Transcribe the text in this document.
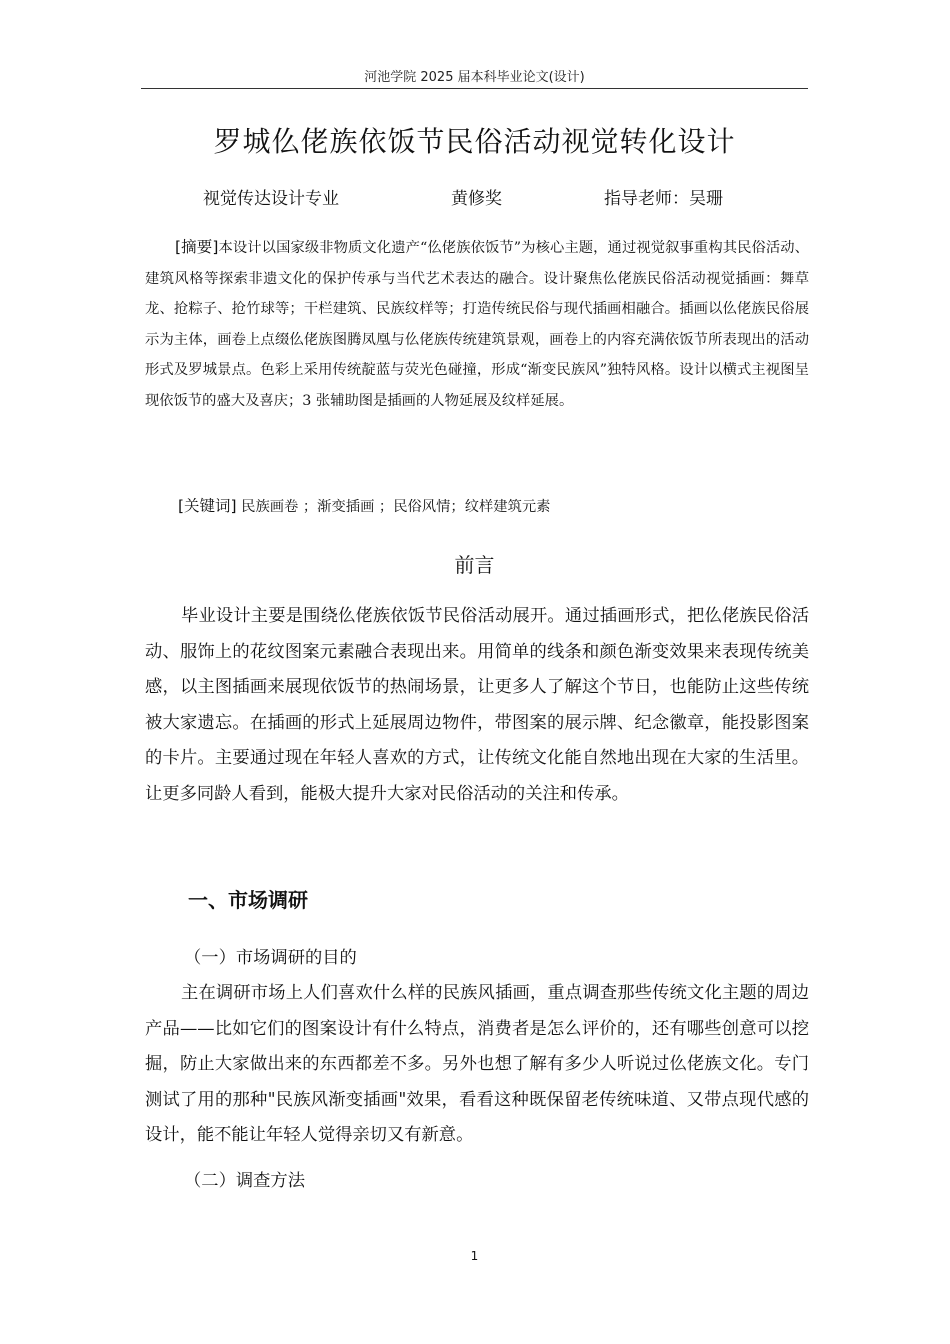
河池学院 2025 届本科毕业论文(设计)
罗城仫佬族依饭节民俗活动视觉转化设计
视觉传达设计专业	黄修奖	指导老师：吴珊

[摘要]本设计以国家级非物质文化遗产“仫佬族依饭节”为核心主题，通过视觉叙事重构其民俗活动、建筑风格等探索非遗文化的保护传承与当代艺术表达的融合。设计聚焦仫佬族民俗活动视觉插画：舞草龙、抢粽子、抢竹球等；干栏建筑、民族纹样等；打造传统民俗与现代插画相融合。插画以仫佬族民俗展示为主体，画卷上点缀仫佬族图腾凤凰与仫佬族传统建筑景观，画卷上的内容充满依饭节所表现出的活动形式及罗城景点。色彩上采用传统靛蓝与荧光色碰撞，形成“渐变民族风”独特风格。设计以横式主视图呈现依饭节的盛大及喜庆；3 张辅助图是插画的人物延展及纹样延展。

[关键词] 民族画卷 ；渐变插画 ；民俗风情；纹样建筑元素
前言

毕业设计主要是围绕仫佬族依饭节民俗活动展开。通过插画形式，把仫佬族民俗活动、服饰上的花纹图案元素融合表现出来。用简单的线条和颜色渐变效果来表现传统美感，以主图插画来展现依饭节的热闹场景，让更多人了解这个节日，也能防止这些传统被大家遗忘。在插画的形式上延展周边物件，带图案的展示牌、纪念徽章，能投影图案的卡片。主要通过现在年轻人喜欢的方式，让传统文化能自然地出现在大家的生活里。让更多同龄人看到，能极大提升大家对民俗活动的关注和传承。

一、市场调研
（一）市场调研的目的

主在调研市场上人们喜欢什么样的民族风插画，重点调查那些传统文化主题的周边产品——比如它们的图案设计有什么特点，消费者是怎么评价的，还有哪些创意可以挖掘，防止大家做出来的东西都差不多。另外也想了解有多少人听说过仫佬族文化。专门测试了用的那种"民族风渐变插画"效果，看看这种既保留老传统味道、又带点现代感的设计，能不能让年轻人觉得亲切又有新意。

（二）调查方法
1
